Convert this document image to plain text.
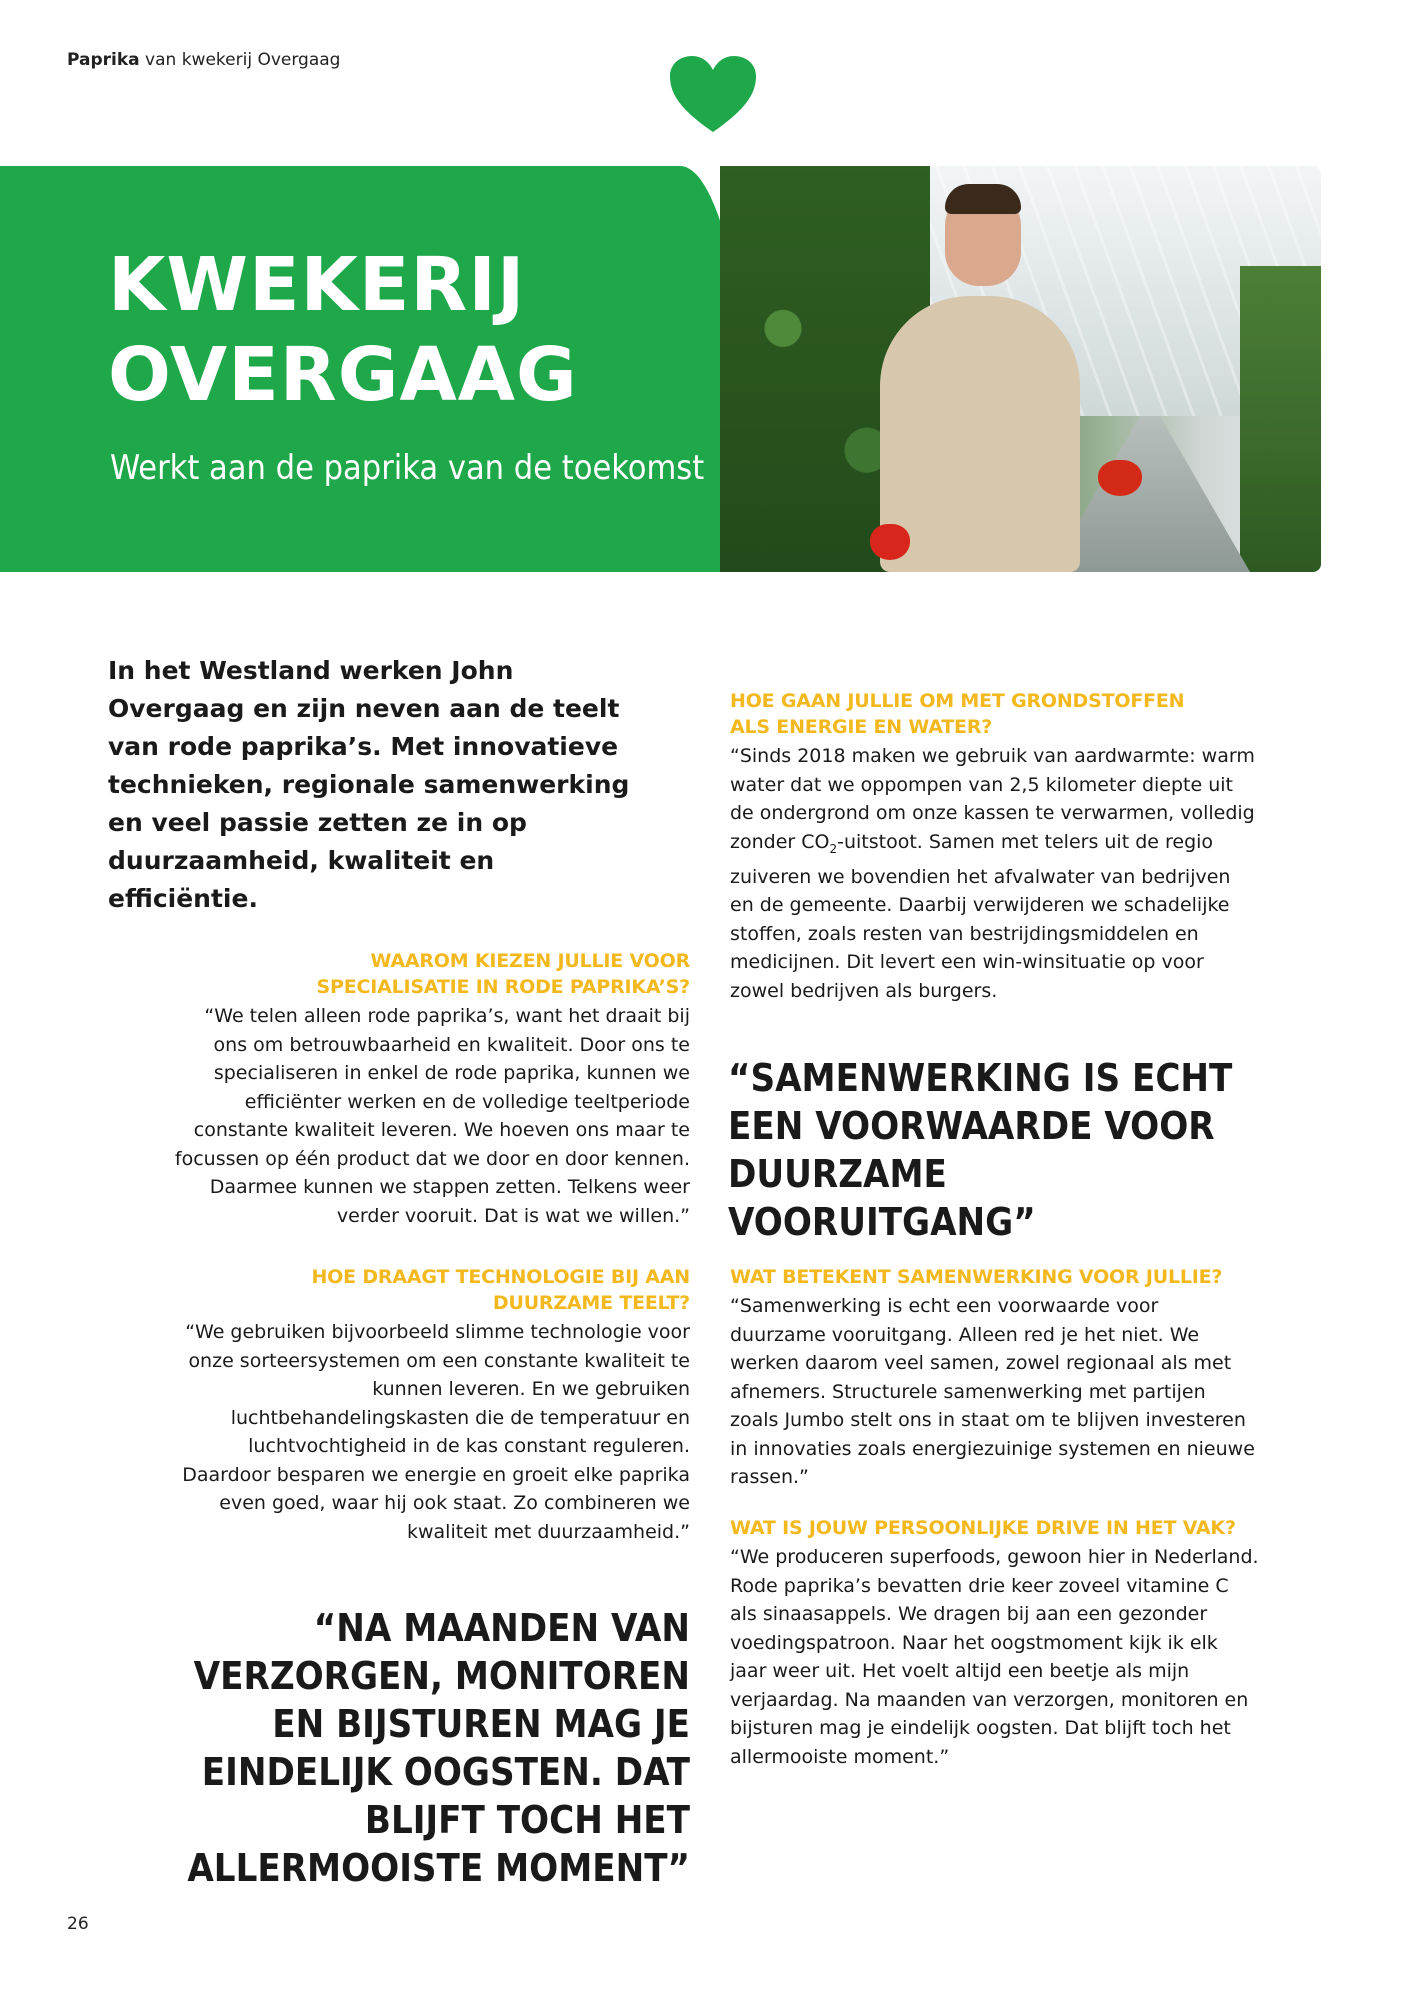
Paprika van kwekerij Overgaag
KWEKERIJ
OVERGAAG

Werkt aan de paprika van de toekomst

In het Westland werken John Overgaag en zijn neven aan de teelt van rode paprika’s. Met innovatieve technieken, regionale samenwerking en veel passie zetten ze in op duurzaamheid, kwaliteit en efficiëntie.

WAAROM KIEZEN JULLIE VOOR
SPECIALISATIE IN RODE PAPRIKA’S?

“We telen alleen rode paprika’s, want het draait bij ons om betrouwbaarheid en kwaliteit. Door ons te specialiseren in enkel de rode paprika, kunnen we efficiënter werken en de volledige teeltperiode constante kwaliteit leveren. We hoeven ons maar te focussen op één product dat we door en door kennen. Daarmee kunnen we stappen zetten. Telkens weer verder vooruit. Dat is wat we willen.”

HOE DRAAGT TECHNOLOGIE BIJ AAN
DUURZAME TEELT?

“We gebruiken bijvoorbeeld slimme technologie voor onze sorteersystemen om een constante kwaliteit te kunnen leveren. En we gebruiken luchtbehandelingskasten die de temperatuur en luchtvochtigheid in de kas constant reguleren. Daardoor besparen we energie en groeit elke paprika even goed, waar hij ook staat. Zo combineren we kwaliteit met duurzaamheid.”

HOE GAAN JULLIE OM MET GRONDSTOFFEN
ALS ENERGIE EN WATER?

“Sinds 2018 maken we gebruik van aardwarmte: warm water dat we oppompen van 2,5 kilometer diepte uit de ondergrond om onze kassen te verwarmen, volledig zonder $CO_2$-uitstoot. Samen met telers uit de regio zuiveren we bovendien het afvalwater van bedrijven en de gemeente. Daarbij verwijderen we schadelijke stoffen, zoals resten van bestrijdingsmiddelen en medicijnen. Dit levert een win-winsituatie op voor zowel bedrijven als burgers.

“SAMENWERKING IS ECHT EEN VOORWAARDE VOOR DUURZAME VOORUITGANG”

WAT BETEKENT SAMENWERKING VOOR JULLIE?

“Samenwerking is echt een voorwaarde voor duurzame vooruitgang. Alleen red je het niet. We werken daarom veel samen, zowel regionaal als met afnemers. Structurele samenwerking met partijen zoals Jumbo stelt ons in staat om te blijven investeren in innovaties zoals energiezuinige systemen en nieuwe rassen.”

WAT IS JOUW PERSOONLIJKE DRIVE IN HET VAK?

“We produceren superfoods, gewoon hier in Nederland. Rode paprika’s bevatten drie keer zoveel vitamine C als sinaasappels. We dragen bij aan een gezonder voedingspatroon. Naar het oogstmoment kijk ik elk jaar weer uit. Het voelt altijd een beetje als mijn verjaardag. Na maanden van verzorgen, monitoren en bijsturen mag je eindelijk oogsten. Dat blijft toch het allermooiste moment.”

“NA MAANDEN VAN VERZORGEN, MONITOREN EN BIJSTUREN MAG JE EINDELIJK OOGSTEN. DAT BLIJFT TOCH HET ALLERMOOISTE MOMENT”

26
